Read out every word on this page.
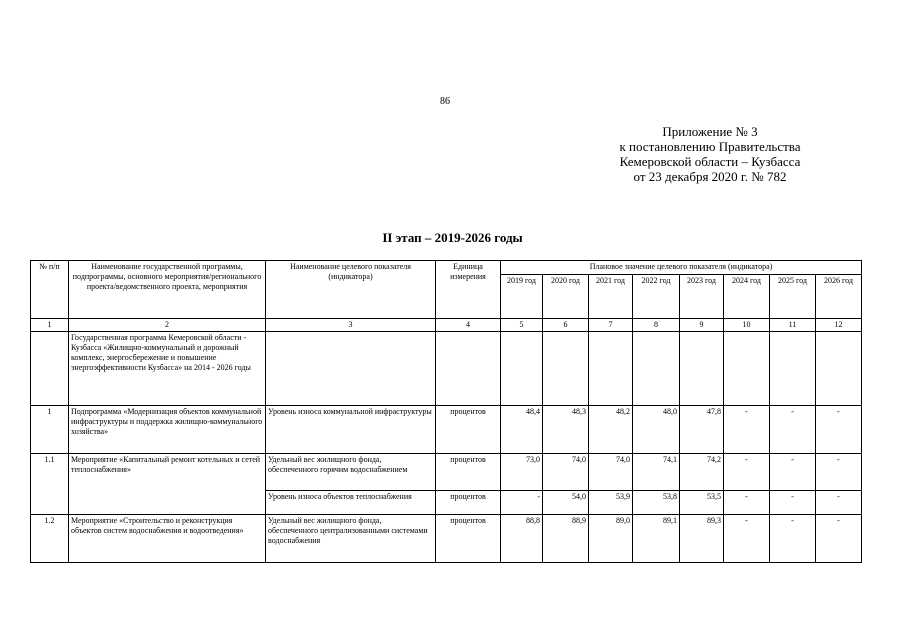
86
Приложение № 3
к постановлению Правительства
Кемеровской области – Кузбасса
от 23 декабря 2020 г. № 782
II этап – 2019-2026 годы
№ п/п	Наименование государственной программы, подпрограммы, основного мероприятия/регионального проекта/ведомственного проекта, мероприятия	Наименование целевого показателя (индикатора)	Единица измерения	Плановое значение целевого показателя (индикатора)							
				2019 год	2020 год	2021 год	2022 год	2023 год	2024 год	2025 год	2026 год
1	2	3	4	5	6	7	8	9	10	11	12
	Государственная программа Кемеровской области - Кузбасса «Жилищно-коммунальный и дорожный комплекс, энергосбережение и повышение энергоэффективности Кузбасса» на 2014 - 2026 годы										
1	Подпрограмма «Модернизация объектов коммунальной инфраструктуры и поддержка жилищно-коммунального хозяйства»	Уровень износа коммунальной инфраструктуры	процентов	48,4	48,3	48,2	48,0	47,8	-	-	-
1.1	Мероприятие «Капитальный ремонт котельных и сетей теплоснабжения»	Удельный вес жилищного фонда, обеспеченного горячим водоснабжением	процентов	73,0	74,0	74,0	74,1	74,2	-	-	-
		Уровень износа объектов теплоснабжения	процентов	-	54,0	53,9	53,8	53,5	-	-	-
1.2	Мероприятие «Строительство и реконструкция объектов систем водоснабжения и водоотведения»	Удельный вес жилищного фонда, обеспеченного централизованными системами водоснабжения	процентов	88,8	88,9	89,0	89,1	89,3	-	-	-
